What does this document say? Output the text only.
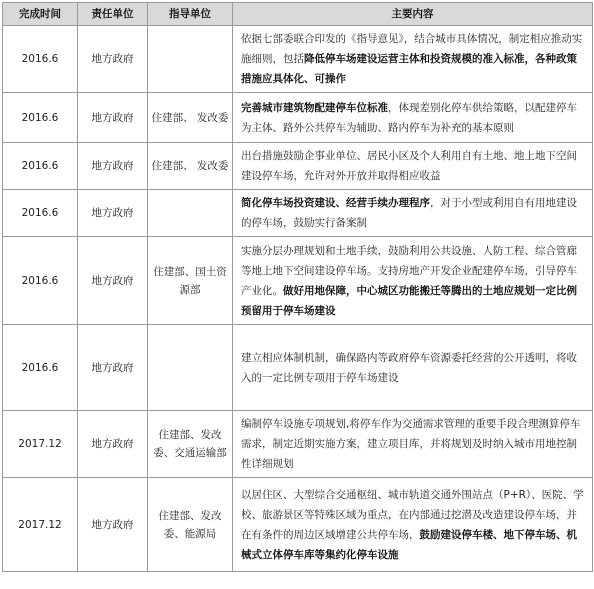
完成时间	责任单位	指导单位	主要内容
2016.6	地方政府		依据七部委联合印发的《指导意见》，结合城市具体情况，制定相应推动实施细则，包括降低停车场建设运营主体和投资规模的准入标准，各种政策措施应具体化、可操作
2016.6	地方政府	住建部、 发改委	完善城市建筑物配建停车位标准，体现差别化停车供给策略，以配建停车为主体、路外公共停车为辅助、路内停车为补充的基本原则
2016.6	地方政府	住建部、 发改委	出台措施鼓励企事业单位、居民小区及个人利用自有土地、地上地下空间建设停车场，允许对外开放并取得相应收益
2016.6	地方政府		简化停车场投资建设、经营手续办理程序，对于小型或利用自有用地建设的停车场，鼓励实行备案制
2016.6	地方政府	住建部、国土资源部	实施分层办理规划和土地手续，鼓励利用公共设施、人防工程、综合管廊等地上地下空间建设停车场。支持房地产开发企业配建停车场，引导停车产业化。做好用地保障，中心城区功能搬迁等腾出的土地应规划一定比例预留用于停车场建设
2016.6	地方政府		建立相应体制机制，确保路内等政府停车资源委托经营的公开透明，将收入的一定比例专项用于停车场建设
2017.12	地方政府	住建部、发改委、交通运输部	编制停车设施专项规划,将停车作为交通需求管理的重要手段合理测算停车需求，制定近期实施方案，建立项目库，并将规划及时纳入城市用地控制性详细规划
2017.12	地方政府	住建部、发改委、能源局	以居住区、大型综合交通枢纽、城市轨道交通外围站点（P+R）、医院、学校、旅游景区等特殊区域为重点，在内部通过挖潜及改造建设停车场，并在有条件的周边区域增建公共停车场，鼓励建设停车楼、地下停车场、机械式立体停车库等集约化停车设施
